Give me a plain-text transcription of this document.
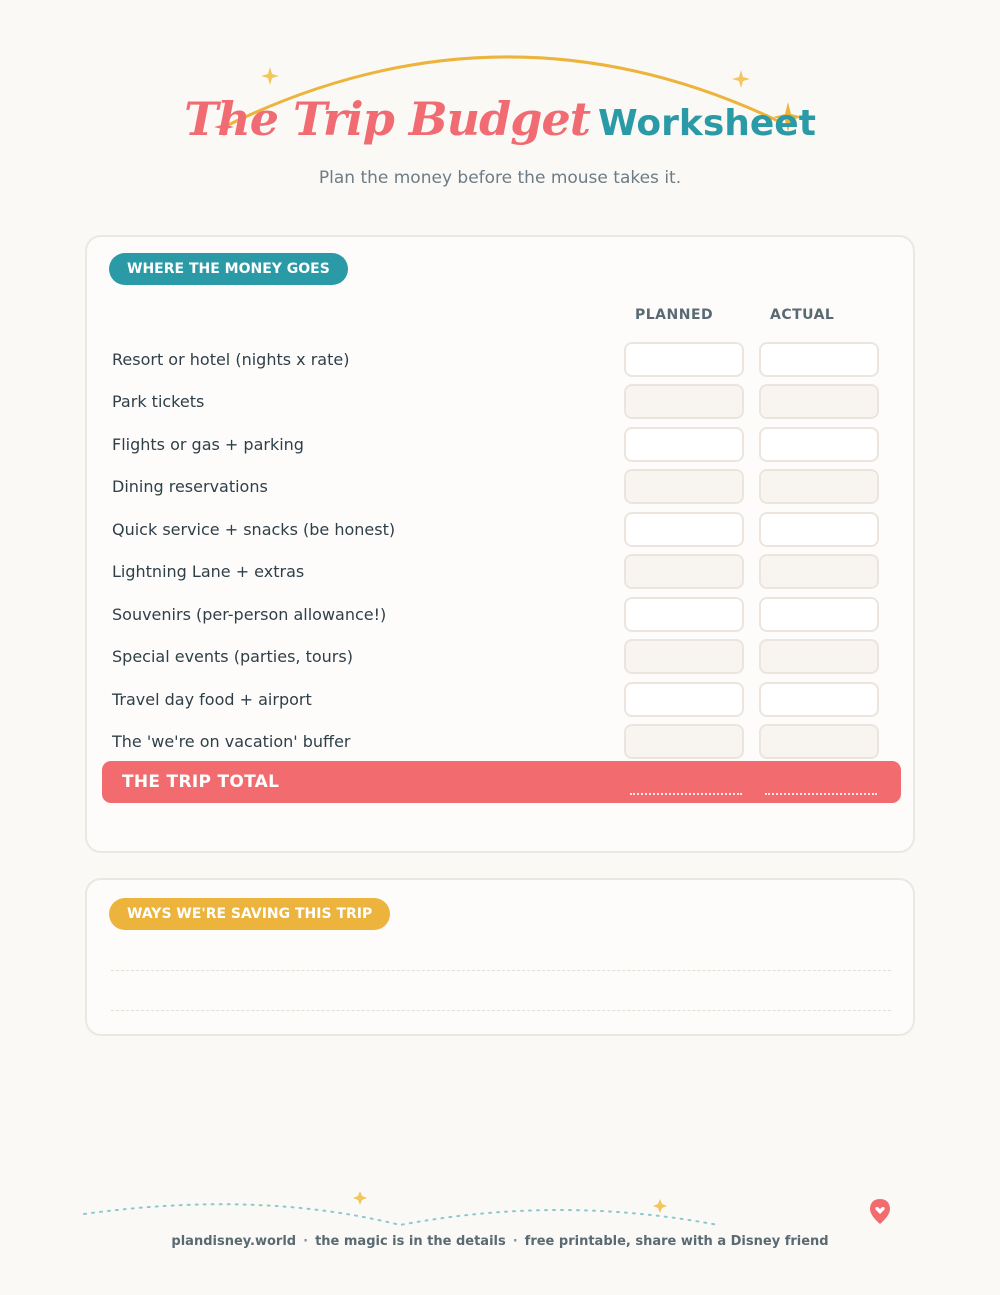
The Trip Budget Worksheet
Plan the money before the mouse takes it.
WHERE THE MONEY GOES
PLANNED	ACTUAL
Resort or hotel (nights x rate)
Park tickets
Flights or gas + parking
Dining reservations
Quick service + snacks (be honest)
Lightning Lane + extras
Souvenirs (per-person allowance!)
Special events (parties, tours)
Travel day food + airport
The 'we're on vacation' buffer
THE TRIP TOTAL
WAYS WE'RE SAVING THIS TRIP
plandisney.world · the magic is in the details · free printable, share with a Disney friend
